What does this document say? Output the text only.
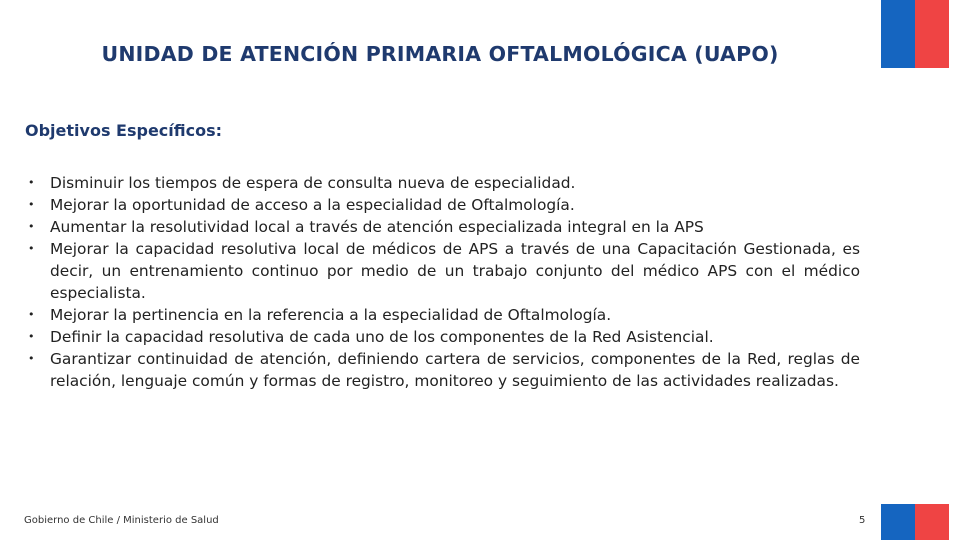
UNIDAD DE ATENCIÓN PRIMARIA OFTALMOLÓGICA (UAPO)
Objetivos Específicos:
• Disminuir los tiempos de espera de consulta nueva de especialidad.
• Mejorar la oportunidad de acceso a la especialidad de Oftalmología.
• Aumentar la resolutividad local a través de atención especializada integral en la APS
• Mejorar la capacidad resolutiva local de médicos de APS a través de una Capacitación Gestionada, es decir, un entrenamiento continuo por medio de un trabajo conjunto del médico APS con el médico especialista.
• Mejorar la pertinencia en la referencia a la especialidad de Oftalmología.
• Definir la capacidad resolutiva de cada uno de los componentes de la Red Asistencial.
• Garantizar continuidad de atención, definiendo cartera de servicios, componentes de la Red, reglas de relación, lenguaje común y formas de registro, monitoreo y seguimiento de las actividades realizadas.
Gobierno de Chile / Ministerio de Salud	5
